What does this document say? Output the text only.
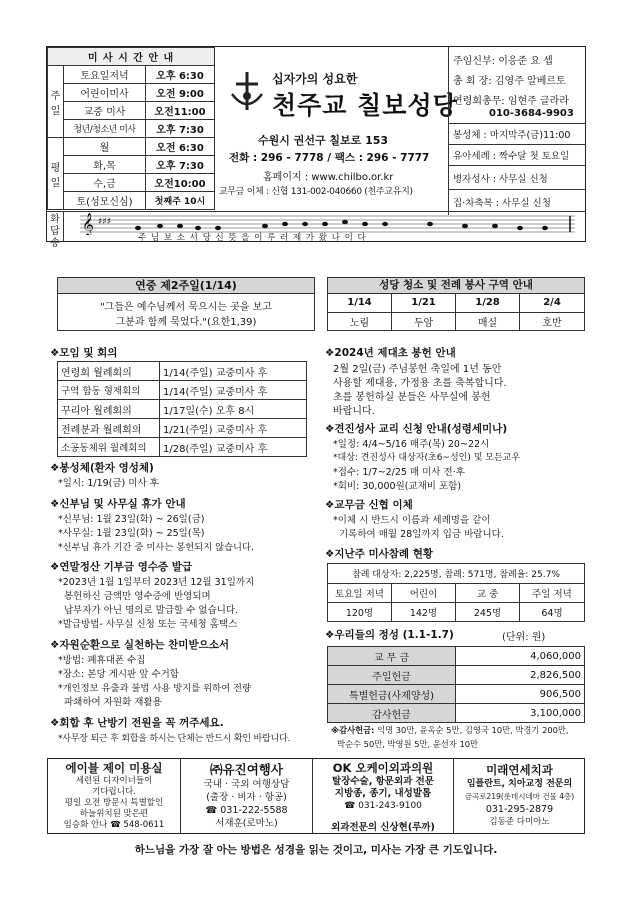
미 사 시 간 안 내		
주일	토요일저녁	오후 6:30
	어린이미사	오전 9:00
	교중 미사	오전11:00
	청년/청소년 미사	오후 7:30
평일	월	오전 6:30
	화,목	오후 7:30
	수,금	오전10:00
	토(성모신심)	첫째주 10시
십자가의 성요한
천주교 칠보성당
수원시 권선구 칠보로 153
전화 : 296 - 7778 / 팩스 : 296 - 7777
홈페이지 : www.chilbo.or.kr
교무금 이체 : 신협 131-002-040660 (천주교유지)
주임신부: 이응준 요 셉
총 회 장: 김영주 알베르토
연령회총무: 임현주 글라라
010-3684-9903
봉성체 : 마지막주(금)11:00
유아세례 : 짝수달 첫 토요일
병자성사 : 사무실 신청
집·차축복 : 사무실 신청
화답송
𝄞 ♯♯♯
주 님 보 소 서 당 신 뜻 을 이 루 러 제 가 왔 나 이 다
연중 제2주일(1/14)
"그들은 예수님께서 묵으시는 곳을 보고
그분과 함께 묵었다."(요한1,39)
❖모임 및 회의
연령회 월례회의	1/14(주일) 교중미사 후
구역 합동 형제회의	1/14(주일) 교중미사 후
꾸리아 월례회의	1/17일(수) 오후 8시
전례분과 월례회의	1/21(주일) 교중미사 후
소공동체위 월례회의	1/28(주일) 교중미사 후
❖봉성체(환자 영성체)
*일시: 1/19(금) 미사 후
❖신부님 및 사무실 휴가 안내
*신부님: 1월 23일(화) ~ 26일(금)
*사무실: 1월 23일(화) ~ 25일(목)
*신부님 휴가 기간 중 미사는 봉헌되지 않습니다.
❖연말정산 기부금 영수증 발급
*2023년 1월 1일부터 2023년 12월 31일까지
봉헌하신 금액만 영수증에 반영되며
납부자가 아닌 명의로 발급할 수 없습니다.
*발급방법- 사무실 신청 또는 국세청 홈택스
❖자원순환으로 실천하는 찬미받으소서
*방법: 폐휴대폰 수집
*장소: 본당 게시판 앞 수거함
*개인정보 유출과 불법 사용 방지를 위하여 전량
파쇄하여 자원화 재활용
❖회합 후 난방기 전원을 꼭 꺼주세요.
*사무장 퇴근 후 회합을 하시는 단체는 반드시 확인 바랍니다.
성당 청소 및 전례 봉사 구역 안내
1/14	1/21	1/28	2/4
노림	두암	매실	호반
❖2024년 제대초 봉헌 안내
2월 2일(금) 주님봉헌 축일에 1년 동안
사용할 제대용, 가정용 초를 축복합니다.
초를 봉헌하실 분들은 사무실에 봉헌
바랍니다.
❖견진성사 교리 신청 안내(성령세미나)
*일정: 4/4~5/16 매주(목) 20~22시
*대상: 견진성사 대상자(초6~성인) 및 모든교우
*접수: 1/7~2/25 매 미사 전·후
*회비: 30,000원(교재비 포함)
❖교무금 신협 이체
*이체 시 반드시 이름과 세례명을 같이
기록하여 매월 28일까지 입금 바랍니다.
❖지난주 미사참례 현황
참례 대상자: 2,225명, 참례: 571명, 참례율: 25.7%			
토요일 저녁	어린이	교 중	주일 저녁
120명	142명	245명	64명
❖우리들의 정성 (1.1-1.7)	(단위: 원)
교 무 금	4,060,000
주일헌금	2,826,500
특별헌금(사제양성)	906,500
감사헌금	3,100,000
※감사헌금: 익명 30만, 윤옥순 5만, 김영국 10만, 박경기 200만,
박순수 50만, 박영원 5만, 윤선자 10만
에이블 제이 미용실
세련된 디자이너들이
기다립니다.
평일 오전 방문시 특별할인
하늘위치된 맞은편
임승화 안나 ☎ 548-0611
㈜유진여행사
국내 · 국외 여행상담
(출장 · 비자 · 항공)
☎ 031-222-5588
서재훈(로마노)
OK 오케이외과의원
탈장수술, 항문외과 전문
지방종, 종기, 내성발톱
☎ 031-243-9100
외과전문의 신상현(루까)
미래연세치과
임플란트, 치아교정 전문의
금곡로219(롯데시네마 건물 4층)
031-295-2879
김동준 다미아노
하느님을 가장 잘 아는 방법은 성경을 읽는 것이고, 미사는 가장 큰 기도입니다.
